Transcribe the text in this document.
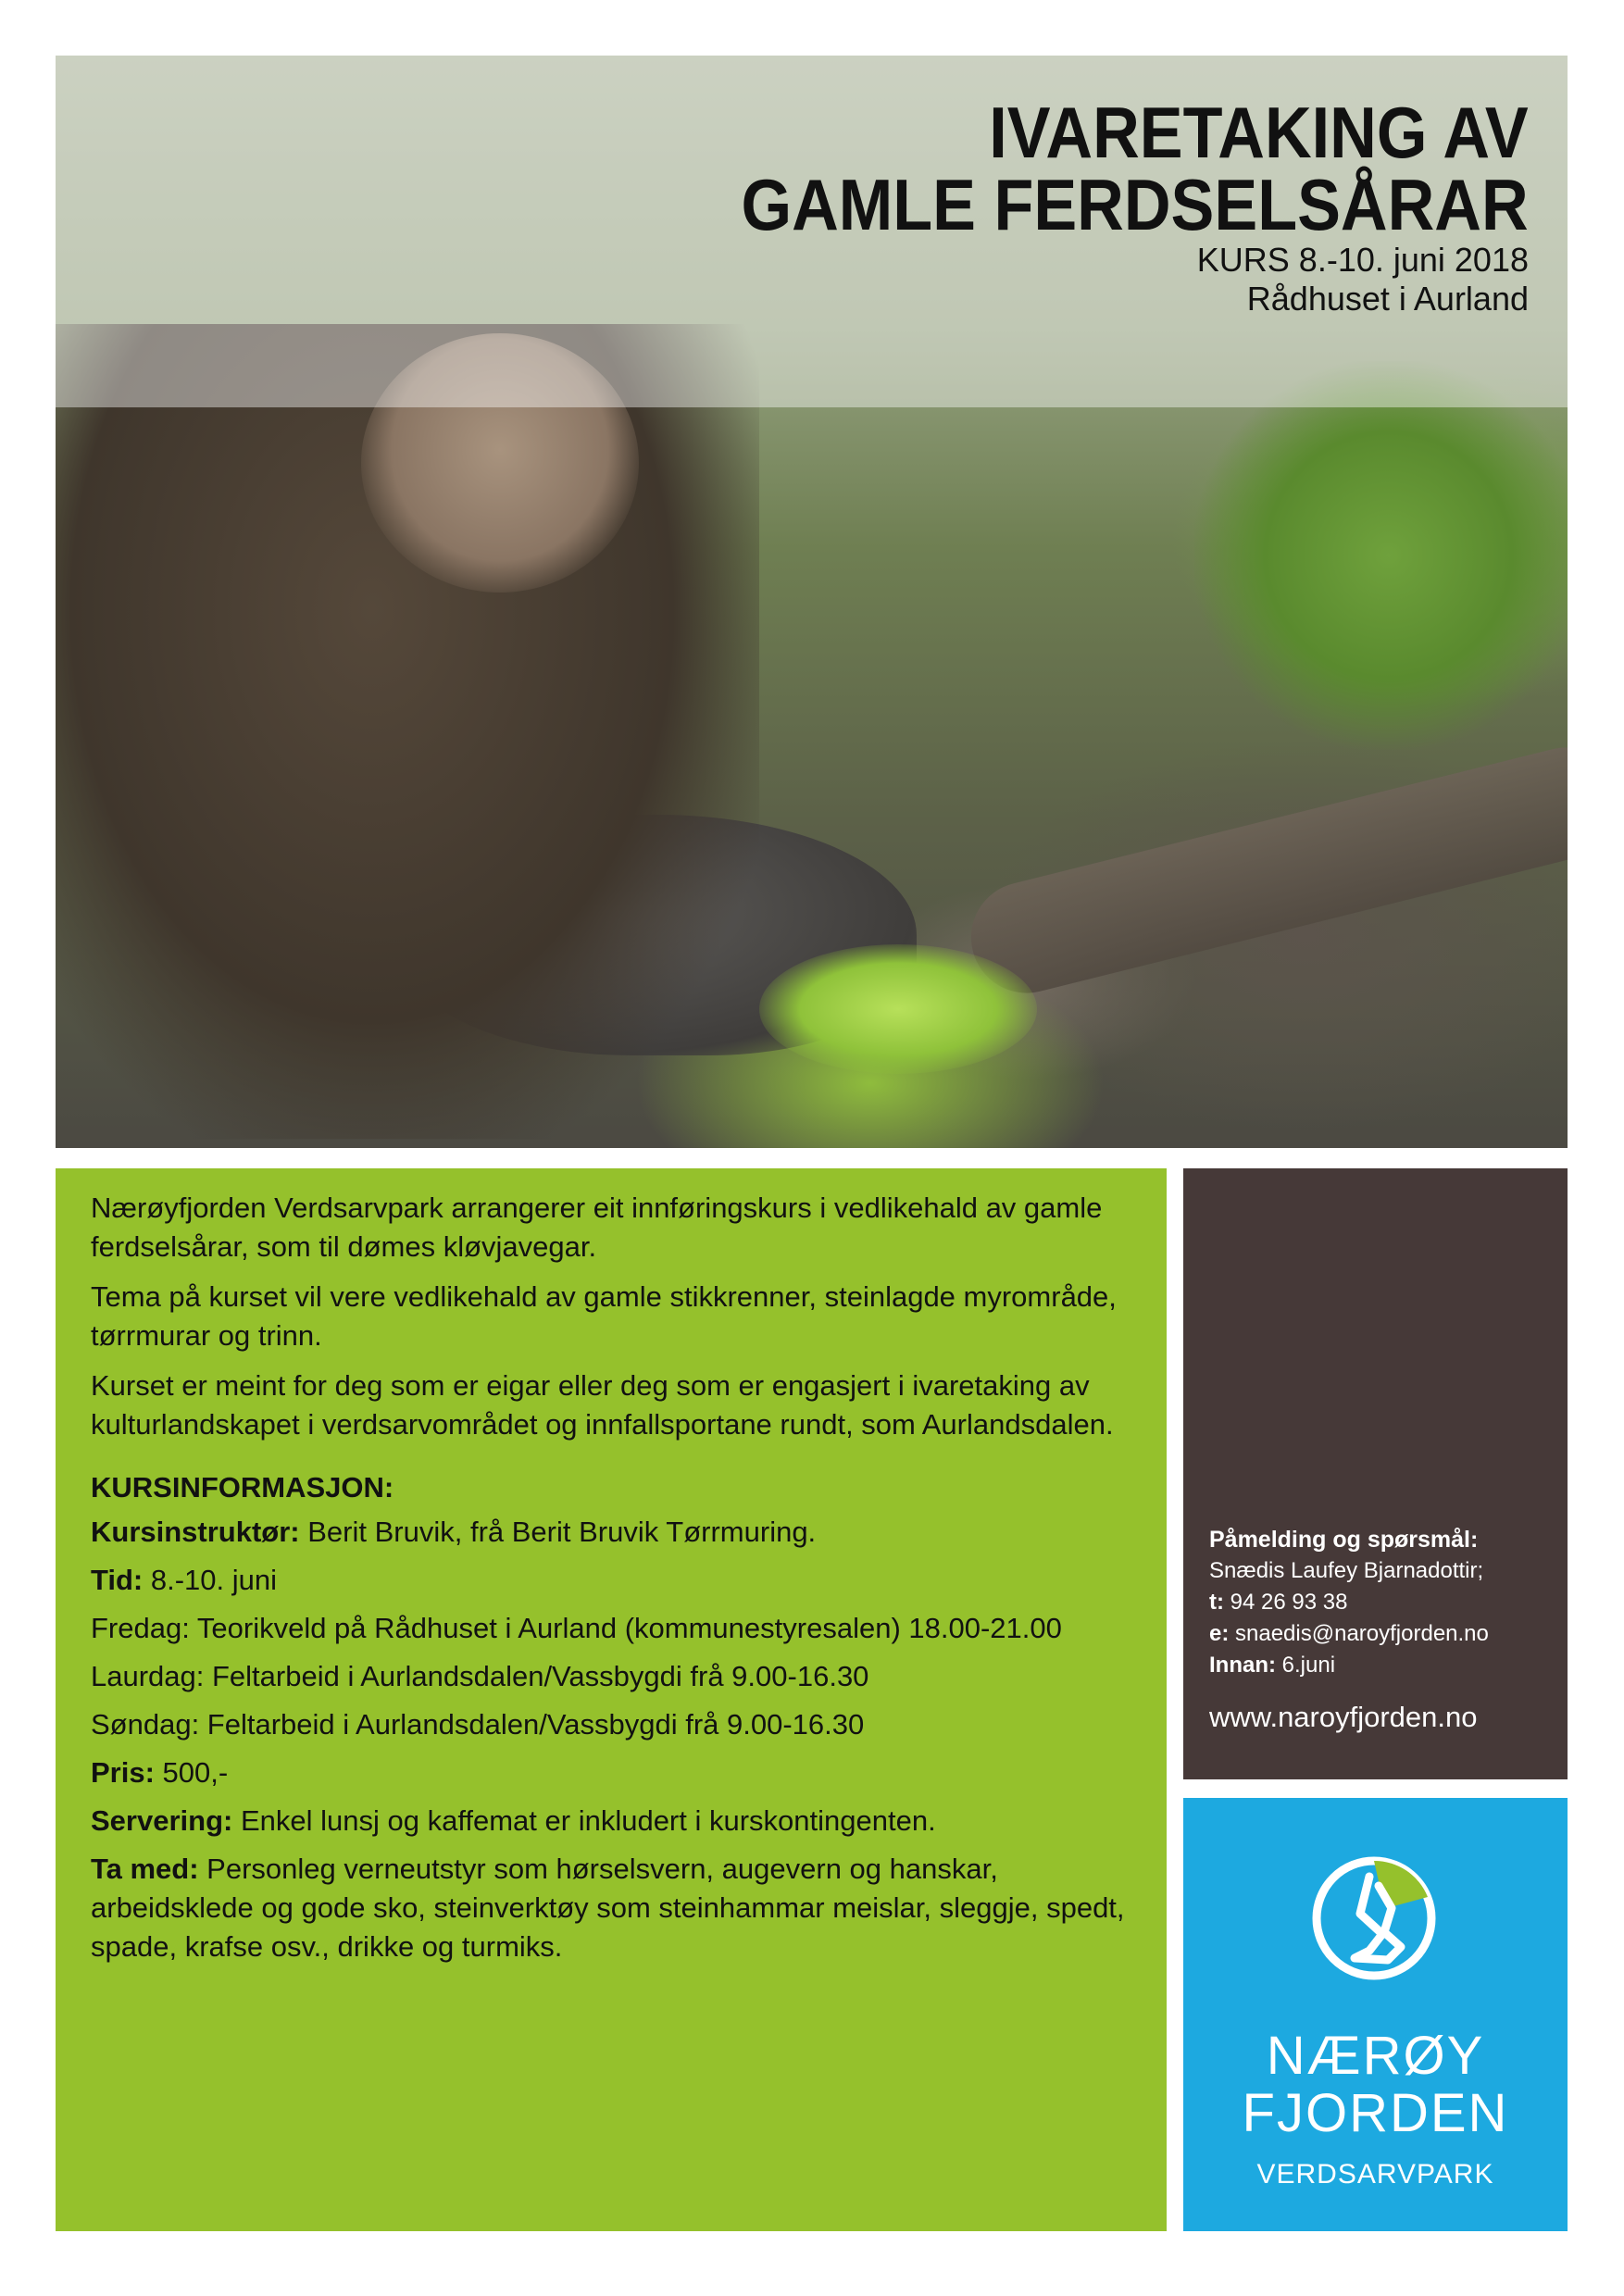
IVARETAKING AV
GAMLE FERDSELSÅRAR
KURS 8.-10. juni 2018
Rådhuset i Aurland

Nærøyfjorden Verdsarvpark arrangerer eit innføringskurs i vedlikehald av gamle ferdselsårar, som til dømes kløvjavegar.

Tema på kurset vil vere vedlikehald av gamle stikkrenner, steinlagde myrområde, tørrmurar og trinn.

Kurset er meint for deg som er eigar eller deg som er engasjert i ivaretaking av kulturlandskapet i verdsarvområdet og innfallsportane rundt, som Aurlandsdalen.

KURSINFORMASJON:

Kursinstruktør: Berit Bruvik, frå Berit Bruvik Tørrmuring.

Tid: 8.-10. juni

Fredag: Teorikveld på Rådhuset i Aurland (kommunestyresalen) 18.00-21.00

Laurdag: Feltarbeid i Aurlandsdalen/Vassbygdi frå 9.00-16.30

Søndag: Feltarbeid i Aurlandsdalen/Vassbygdi frå 9.00-16.30

Pris: 500,-

Servering: Enkel lunsj og kaffemat er inkludert i kurskontingenten.

Ta med: Personleg verneutstyr som hørselsvern, augevern og hanskar, arbeidsklede og gode sko, steinverktøy som steinhammar meislar, sleggje, spedt, spade, krafse osv., drikke og turmiks.

Påmelding og spørsmål:

Snædis Laufey Bjarnadottir;

t: 94 26 93 38

e: snaedis@naroyfjorden.no

Innan: 6.juni

www.naroyfjorden.no

NÆRØY
FJORDEN
VERDSARVPARK
